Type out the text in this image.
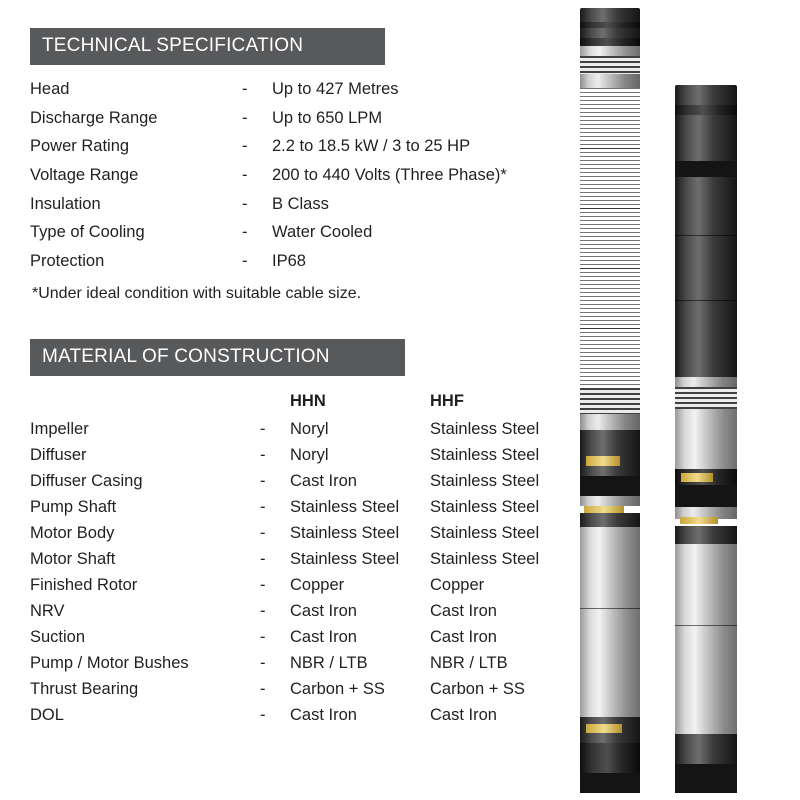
TECHNICAL SPECIFICATION
Head	-	Up to 427 Metres
Discharge Range	-	Up to 650 LPM
Power Rating	-	2.2 to 18.5 kW / 3 to 25 HP
Voltage Range	-	200 to 440 Volts (Three Phase)*
Insulation	-	B Class
Type of Cooling	-	Water Cooled
Protection	-	IP68
*Under ideal condition with suitable cable size.
MATERIAL OF CONSTRUCTION
		HHN	HHF
Impeller	-	Noryl	Stainless Steel
Diffuser	-	Noryl	Stainless Steel
Diffuser Casing	-	Cast Iron	Stainless Steel
Pump Shaft	-	Stainless Steel	Stainless Steel
Motor Body	-	Stainless Steel	Stainless Steel
Motor Shaft	-	Stainless Steel	Stainless Steel
Finished Rotor	-	Copper	Copper
NRV	-	Cast Iron	Cast Iron
Suction	-	Cast Iron	Cast Iron
Pump / Motor Bushes	-	NBR / LTB	NBR / LTB
Thrust Bearing	-	Carbon + SS	Carbon + SS
DOL	-	Cast Iron	Cast Iron
